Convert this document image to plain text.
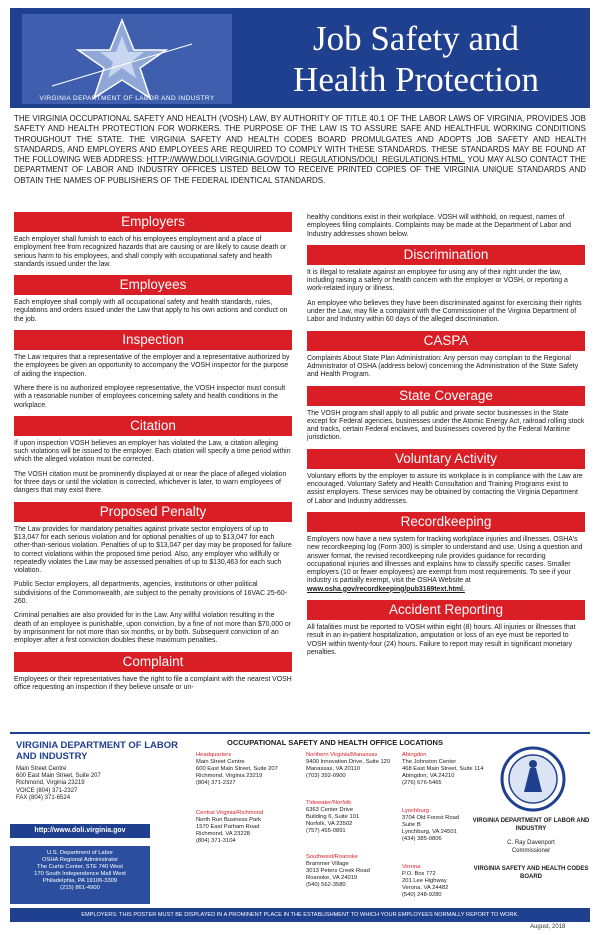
VIRGINIA DEPARTMENT OF LABOR AND INDUSTRY
Job Safety and
Health Protection
THE VIRGINIA OCCUPATIONAL SAFETY AND HEALTH (VOSH) LAW, BY AUTHORITY OF TITLE 40.1 OF THE LABOR LAWS OF VIRGINIA, PROVIDES JOB SAFETY AND HEALTH PROTECTION FOR WORKERS. THE PURPOSE OF THE LAW IS TO ASSURE SAFE AND HEALTHFUL WORKING CONDITIONS THROUGHOUT THE STATE. THE VIRGINIA SAFETY AND HEALTH CODES BOARD PROMULGATES AND ADOPTS JOB SAFETY AND HEALTH STANDARDS, AND EMPLOYERS AND EMPLOYEES ARE REQUIRED TO COMPLY WITH THESE STANDARDS. THESE STANDARDS MAY BE FOUND AT THE FOLLOWING WEB ADDRESS: HTTP://WWW.DOLI.VIRGINIA.GOV/DOLI_REGULATIONS/DOLI_REGULATIONS.HTML. YOU MAY ALSO CONTACT THE DEPARTMENT OF LABOR AND INDUSTRY OFFICES LISTED BELOW TO RECEIVE PRINTED COPIES OF THE VIRGINIA UNIQUE STANDARDS AND OBTAIN THE NAMES OF PUBLISHERS OF THE FEDERAL IDENTICAL STANDARDS.
Employers

Each employer shall furnish to each of his employees employment and a place of employment free from recognized hazards that are causing or are likely to cause death or serious harm to his employees, and shall comply with occupational safety and health standards issued under the law.

Employees

Each employee shall comply with all occupational safety and health standards, rules, regulations and orders issued under the Law that apply to his own actions and conduct on the job.

Inspection

The Law requires that a representative of the employer and a representative authorized by the employees be given an opportunity to accompany the VOSH inspector for the purpose of aiding the inspection.

Where there is no authorized employee representative, the VOSH inspector must consult with a reasonable number of employees concerning safety and health conditions in the workplace.

Citation

If upon inspection VOSH believes an employer has violated the Law, a citation alleging such violations will be issued to the employer. Each citation will specify a time period within which the alleged violation must be corrected.

The VOSH citation must be prominently displayed at or near the place of alleged violation for three days or until the violation is corrected, whichever is later, to warn employees of dangers that may exist there.

Proposed Penalty

The Law provides for mandatory penalties against private sector employers of up to $13,047 for each serious violation and for optional penalties of up to $13,047 for each other-than-serious violation. Penalties of up to $13,047 per day may be proposed for failure to correct violations within the proposed time period. Also, any employer who willfully or repeatedly violates the Law may be assessed penalties of up to $130,463 for each such violation.

Public Sector employers, all departments, agencies, institutions or other political subdivisions of the Commonwealth, are subject to the penalty provisions of 16VAC 25-60-260.

Criminal penalties are also provided for in the Law. Any willful violation resulting in the death of an employee is punishable, upon conviction, by a fine of not more than $70,000 or by imprisonment for not more than six months, or by both. Subsequent conviction of an employer after a first conviction doubles these maximum penalties.

Complaint

Employees or their representatives have the right to file a complaint with the nearest VOSH office requesting an inspection if they believe unsafe or un-

healthy conditions exist in their workplace. VOSH will withhold, on request, names of employees filing complaints. Complaints may be made at the Department of Labor and Industry addresses shown below.

Discrimination

It is illegal to retaliate against an employee for using any of their right under the law, including raising a safety or health concern with the employer or VOSH, or reporting a work-related injury or illness.

An employee who believes they have been discriminated against for exercising their rights under the Law, may file a complaint with the Commissioner of the Virginia Department of Labor and Industry within 60 days of the alleged discrimination.

CASPA

Complaints About State Plan Administration: Any person may complain to the Regional Administrator of OSHA (address below) concerning the Administration of the State Safety and Health Program.

State Coverage

The VOSH program shall apply to all public and private sector businesses in the State except for Federal agencies, businesses under the Atomic Energy Act, railroad rolling stock and tracks, certain Federal enclaves, and businesses covered by the Federal Maritime jurisdiction.

Voluntary Activity

Voluntary efforts by the employer to assure its workplace is in compliance with the Law are encouraged. Voluntary Safety and Health Consultation and Training Programs exist to assist employers. These services may be obtained by contacting the Virginia Department of Labor and Industry addresses.

Recordkeeping

Employers now have a new system for tracking workplace injuries and illnesses. OSHA's new recordkeeping log (Form 300) is simpler to understand and use. Using a question and answer format, the revised recordkeeping rule provides guidance for recording occupational injuries and illnesses and explains how to classify specific cases. Smaller employers (10 or fewer employees) are exempt from most requirements. To see if your industry is partially exempt, visit the OSHA Website at www.osha.gov/recordkeeping/pub3169text.html.

Accident Reporting

All fatalities must be reported to VOSH within eight (8) hours. All injuries or illnesses that result in an in-patient hospitalization, amputation or loss of an eye must be reported to VOSH within twenty-four (24) hours. Failure to report may result in significant monetary penalties.

VIRGINIA DEPARTMENT OF LABOR AND INDUSTRY
Main Street Centre
600 East Main Street, Suite 207
Richmond, Virginia 23219
VOICE (804) 371-2327
FAX (804) 371-6524
http://www.doli.virginia.gov
U.S. Department of Labor
OSHA Regional Administrator
The Curtis Center, STE 740 West
170 South Independence Mall West
Philadelphia, PA 19106-3309
(215) 861-4900
OCCUPATIONAL SAFETY AND HEALTH OFFICE LOCATIONS
Headquarters
Main Street Centre
600 East Main Street, Suite 207
Richmond, Virginia 23219
(804) 371-2327
Central Virginia/Richmond
North Run Business Park
1570 East Parham Road
Richmond, VA 23228
(804) 371-3104
Northern Virginia/Manassas
9400 Innovation Drive, Suite 120
Manassas, VA 20110
(703) 392-0900
Tidewater/Norfolk
6363 Center Drive
Building 6, Suite 101
Norfolk, VA 23502
(757) 455-0891
Southwest/Roanoke
Brammer Village
3013 Peters Creek Road
Roanoke, VA 24019
(540) 562-3580
Abingdon
The Johnston Center
468 East Main Street, Suite 114
Abingdon, VA 24210
(276) 676-5465
Lynchburg
3704 Old Forest Road
Suite B
Lynchburg, VA 24501
(434) 385-0806
Verona
P.O. Box 772
201 Lee Highway
Verona, VA 24482
(540) 248-9280
VIRGINIA DEPARTMENT OF LABOR AND INDUSTRY
C. Ray Davenport
Commissioner
VIRGINIA SAFETY AND HEALTH CODES BOARD
EMPLOYERS: THIS POSTER MUST BE DISPLAYED IN A PROMINENT PLACE IN THE ESTABLISHMENT TO WHICH YOUR EMPLOYEES NORMALLY REPORT TO WORK.
August, 2018
